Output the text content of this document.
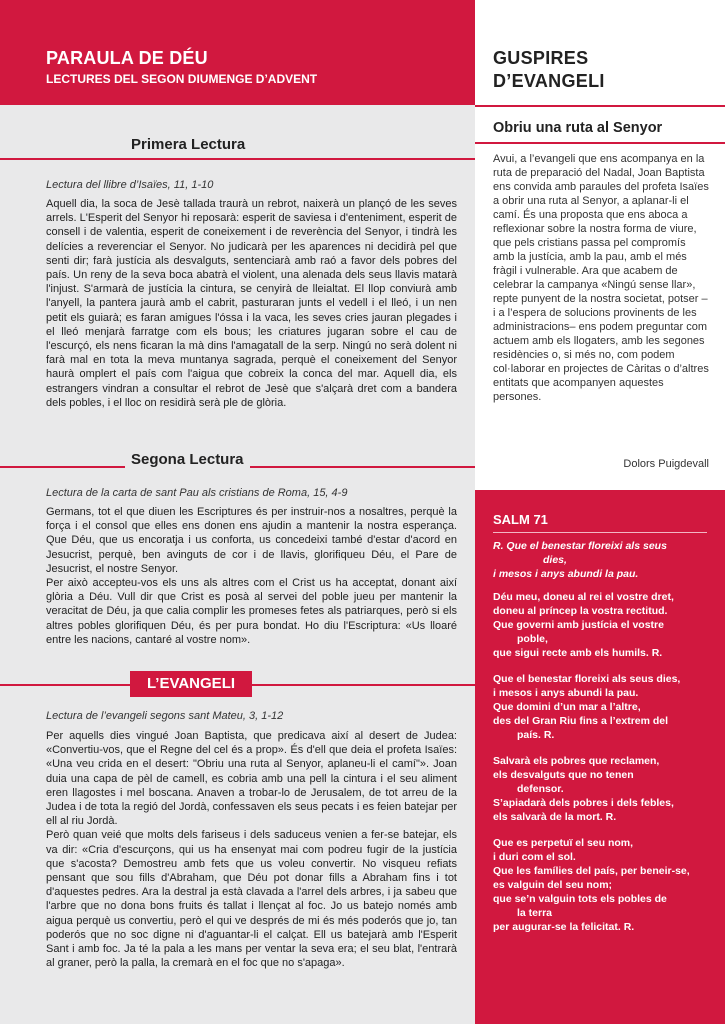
PARAULA DE DÉU
LECTURES DEL SEGON DIUMENGE D’ADVENT
GUSPIRES
D’EVANGELI
Primera Lectura
Lectura del llibre d’Isaïes, 11, 1-10

Aquell dia, la soca de Jesè tallada traurà un rebrot, naixerà un plançó de les seves arrels. L'Esperit del Senyor hi reposarà: esperit de saviesa i d'enteniment, esperit de consell i de valentia, esperit de coneixement i de reverència del Senyor, i tindrà les delícies a reverenciar el Senyor. No judicarà per les aparences ni decidirà pel que senti dir; farà justícia als desvalguts, sentenciarà amb raó a favor dels pobres del país. Un reny de la seva boca abatrà el violent, una alenada dels seus llavis matarà l'injust. S'armarà de justícia la cintura, se cenyirà de lleialtat. El llop conviurà amb l'anyell, la pantera jaurà amb el cabrit, pasturaran junts el vedell i el lleó, i un nen petit els guiarà; es faran amigues l'óssa i la vaca, les seves cries jauran plegades i el lleó menjarà farratge com els bous; les criatures jugaran sobre el cau de l'escurçó, els nens ficaran la mà dins l'amagatall de la serp. Ningú no serà dolent ni farà mal en tota la meva muntanya sagrada, perquè el coneixement del Senyor haurà omplert el país com l'aigua que cobreix la conca del mar. Aquell dia, els estrangers vindran a consultar el rebrot de Jesè que s'alçarà dret com a bandera dels pobles, i el lloc on residirà serà ple de glòria.

Segona Lectura
Lectura de la carta de sant Pau als cristians de Roma, 15, 4-9

Germans, tot el que diuen les Escriptures és per instruir-nos a nosaltres, perquè la força i el consol que elles ens donen ens ajudin a mantenir la nostra esperança. Que Déu, que us encoratja i us conforta, us concedeixi també d'estar d'acord en Jesucrist, perquè, ben avinguts de cor i de llavis, glorifiqueu Déu, el Pare de Jesucrist, el nostre Senyor.

Per això accepteu-vos els uns als altres com el Crist us ha acceptat, donant així glòria a Déu. Vull dir que Crist es posà al servei del poble jueu per mantenir la veracitat de Déu, ja que calia complir les promeses fetes als patriarques, però si els altres pobles glorifiquen Déu, és per pura bondat. Ho diu l'Escriptura: «Us lloaré entre les nacions, cantaré al vostre nom».

L’EVANGELI
Lectura de l’evangeli segons sant Mateu, 3, 1-12

Per aquells dies vingué Joan Baptista, que predicava així al desert de Judea: «Convertiu-vos, que el Regne del cel és a prop». És d'ell que deia el profeta Isaïes: «Una veu crida en el desert: "Obriu una ruta al Senyor, aplaneu-li el camí"». Joan duia una capa de pèl de camell, es cobria amb una pell la cintura i el seu aliment eren llagostes i mel boscana. Anaven a trobar-lo de Jerusalem, de tot arreu de la Judea i de tota la regió del Jordà, confessaven els seus pecats i es feien batejar per ell al riu Jordà.

Però quan veié que molts dels fariseus i dels saduceus venien a fer-se batejar, els va dir: «Cria d'escurçons, qui us ha ensenyat mai com podreu fugir de la justícia que s'acosta? Demostreu amb fets que us voleu convertir. No visqueu refiats pensant que sou fills d'Abraham, que Déu pot donar fills a Abraham fins i tot d'aquestes pedres. Ara la destral ja està clavada a l'arrel dels arbres, i ja sabeu que l'arbre que no dona bons fruits és tallat i llençat al foc. Jo us batejo només amb aigua perquè us convertiu, però el qui ve després de mi és més poderós que jo, tan poderós que no soc digne ni d'aguantar-li el calçat. Ell us batejarà amb l'Esperit Sant i amb foc. Ja té la pala a les mans per ventar la seva era; el seu blat, l'entrarà al graner, però la palla, la cremarà en el foc que no s'apaga».

Obriu una ruta al Senyor
Avui, a l’evangeli que ens acompanya en la ruta de preparació del Nadal, Joan Baptista ens convida amb paraules del profeta Isaïes a obrir una ruta al Senyor, a aplanar-li el camí. És una proposta que ens aboca a reflexionar sobre la nostra forma de viure, que pels cristians passa pel compromís amb la justícia, amb la pau, amb el més fràgil i vulnerable. Ara que acabem de celebrar la campanya «Ningú sense llar», repte punyent de la nostra societat, potser –i a l’espera de solucions provinents de les administracions– ens podem preguntar com actuem amb els llogaters, amb les segones residències o, si més no, com podem col·laborar en projectes de Càritas o d’altres entitats que acompanyen aquestes persones.
Dolors Puigdevall
SALM 71
R. Que el benestar floreixi als seus

dies,
i mesos i anys abundi la pau.
Déu meu, doneu al rei el vostre dret,
doneu al príncep la vostra rectitud.
Que governi amb justícia el vostre

poble,
que sigui recte amb els humils. R.
Que el benestar floreixi als seus dies,
i mesos i anys abundi la pau.
Que domini d’un mar a l’altre,
des del Gran Riu fins a l’extrem del

país. R.
Salvarà els pobres que reclamen,
els desvalguts que no tenen

defensor.
S’apiadarà dels pobres i dels febles,
els salvarà de la mort. R.
Que es perpetuï el seu nom,
i duri com el sol.
Que les famílies del país, per beneir-se,
es valguin del seu nom;
que se’n valguin tots els pobles de

la terra
per augurar-se la felicitat. R.
